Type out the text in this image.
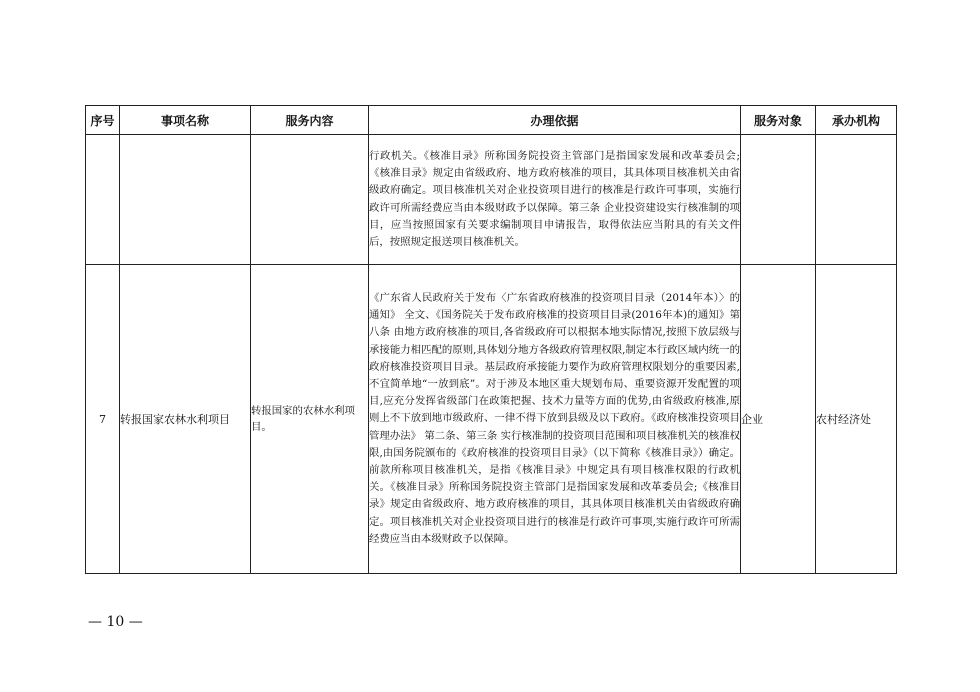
序号	事项名称	服务内容	办理依据	服务对象	承办机构
			行政机关。《核准目录》所称国务院投资主管部门是指国家发展和改革委员会;《核准目录》规定由省级政府、地方政府核准的项目，其具体项目核准机关由省级政府确定。项目核准机关对企业投资项目进行的核准是行政许可事项，实施行政许可所需经费应当由本级财政予以保障。第三条 企业投资建设实行核准制的项目，应当按照国家有关要求编制项目申请报告，取得依法应当附具的有关文件后，按照规定报送项目核准机关。		
7	转报国家农林水利项目	转报国家的农林水利项目。	《广东省人民政府关于发布〈广东省政府核准的投资项目目录（2014年本）〉的通知》 全文、《国务院关于发布政府核准的投资项目目录(2016年本)的通知》第八条 由地方政府核准的项目,各省级政府可以根据本地实际情况,按照下放层级与承接能力相匹配的原则,具体划分地方各级政府管理权限,制定本行政区域内统一的政府核准投资项目目录。基层政府承接能力要作为政府管理权限划分的重要因素,不宜简单地“一放到底”。对于涉及本地区重大规划布局、重要资源开发配置的项目,应充分发挥省级部门在政策把握、技术力量等方面的优势,由省级政府核准,原则上不下放到地市级政府、一律不得下放到县级及以下政府。《政府核准投资项目管理办法》 第二条、第三条 实行核准制的投资项目范围和项目核准机关的核准权限,由国务院颁布的《政府核准的投资项目目录》（以下简称《核准目录》）确定。前款所称项目核准机关，是指《核准目录》中规定具有项目核准权限的行政机关。《核准目录》所称国务院投资主管部门是指国家发展和改革委员会;《核准目录》规定由省级政府、地方政府核准的项目，其具体项目核准机关由省级政府确定。项目核准机关对企业投资项目进行的核准是行政许可事项,实施行政许可所需经费应当由本级财政予以保障。	企业	农村经济处
— 10 —
